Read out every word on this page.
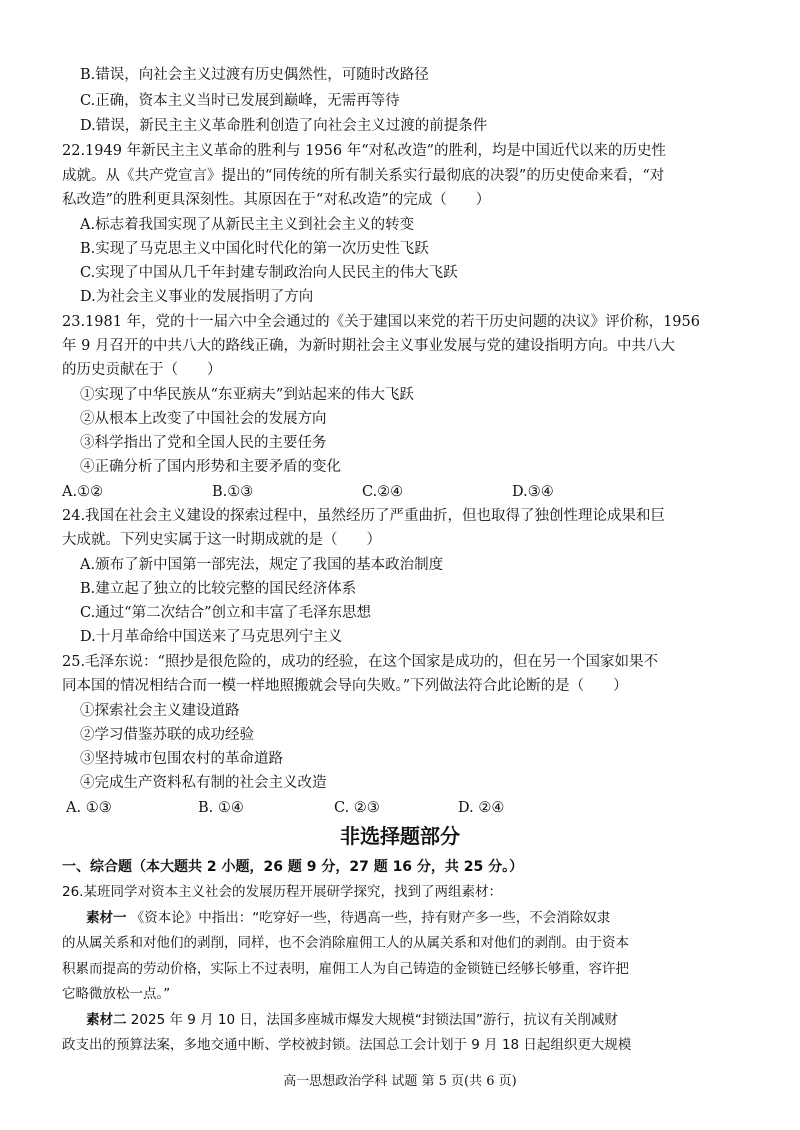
B.错误，向社会主义过渡有历史偶然性，可随时改路径
C.正确，资本主义当时已发展到巅峰，无需再等待
D.错误，新民主主义革命胜利创造了向社会主义过渡的前提条件
22.1949 年新民主主义革命的胜利与 1956 年“对私改造”的胜利，均是中国近代以来的历史性
成就。从《共产党宣言》提出的“同传统的所有制关系实行最彻底的决裂”的历史使命来看，“对
私改造”的胜利更具深刻性。其原因在于“对私改造”的完成（　　）
A.标志着我国实现了从新民主主义到社会主义的转变
B.实现了马克思主义中国化时代化的第一次历史性飞跃
C.实现了中国从几千年封建专制政治向人民民主的伟大飞跃
D.为社会主义事业的发展指明了方向
23.1981 年，党的十一届六中全会通过的《关于建国以来党的若干历史问题的决议》评价称，1956
年 9 月召开的中共八大的路线正确，为新时期社会主义事业发展与党的建设指明方向。中共八大
的历史贡献在于（　　）
①实现了中华民族从“东亚病夫”到站起来的伟大飞跃
②从根本上改变了中国社会的发展方向
③科学指出了党和全国人民的主要任务
④正确分析了国内形势和主要矛盾的变化
A.①②	B.①③	C.②④	D.③④
24.我国在社会主义建设的探索过程中，虽然经历了严重曲折，但也取得了独创性理论成果和巨
大成就。下列史实属于这一时期成就的是（　　）
A.颁布了新中国第一部宪法，规定了我国的基本政治制度
B.建立起了独立的比较完整的国民经济体系
C.通过“第二次结合”创立和丰富了毛泽东思想
D.十月革命给中国送来了马克思列宁主义
25.毛泽东说：“照抄是很危险的，成功的经验，在这个国家是成功的，但在另一个国家如果不
同本国的情况相结合而一模一样地照搬就会导向失败。”下列做法符合此论断的是（　　）
①探索社会主义建设道路
②学习借鉴苏联的成功经验
③坚持城市包围农村的革命道路
④完成生产资料私有制的社会主义改造
A. ①③	B. ①④	C. ②③	D. ②④
非选择题部分
一、综合题（本大题共 2 小题，26 题 9 分，27 题 16 分，共 25 分。）
26.某班同学对资本主义社会的发展历程开展研学探究，找到了两组素材：
素材一 《资本论》中指出：“吃穿好一些，待遇高一些，持有财产多一些，不会消除奴隶
的从属关系和对他们的剥削，同样，也不会消除雇佣工人的从属关系和对他们的剥削。由于资本
积累而提高的劳动价格，实际上不过表明，雇佣工人为自己铸造的金锁链已经够长够重，容许把
它略微放松一点。”
素材二 2025 年 9 月 10 日，法国多座城市爆发大规模“封锁法国”游行，抗议有关削减财
政支出的预算法案，多地交通中断、学校被封锁。法国总工会计划于 9 月 18 日起组织更大规模
高一思想政治学科 试题 第 5 页(共 6 页)
